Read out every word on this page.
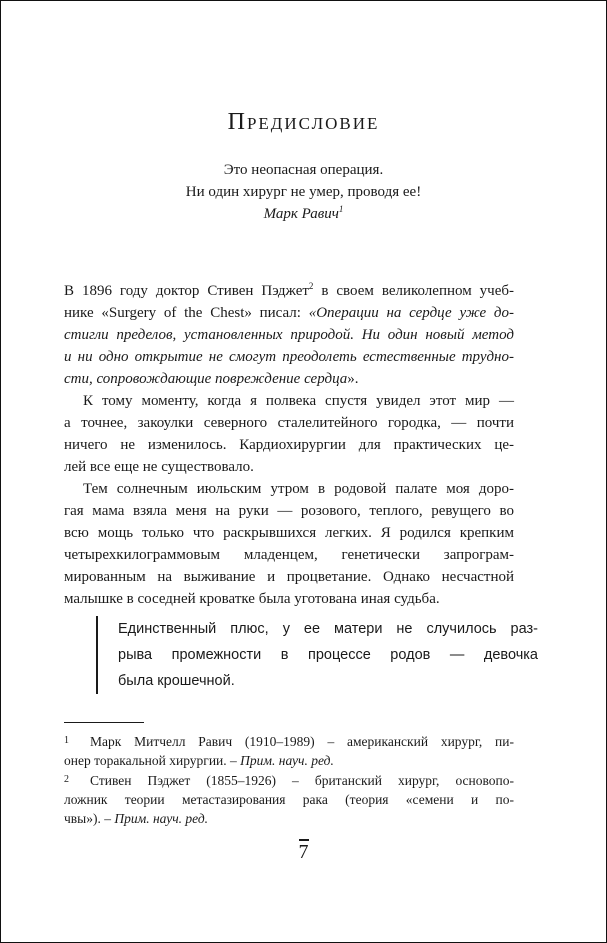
Предисловие
Это неопасная операция.
Ни один хирург не умер, проводя ее!
Марк Равич$^1$
В 1896 году доктор Стивен Пэджет$^2$ в своем великолепном учеб-
нике «Surgery of the Chest» писал: «Операции на сердце уже до-
стигли пределов, установленных природой. Ни один новый метод
и ни одно открытие не смогут преодолеть естественные трудно-
сти, сопровождающие повреждение сердца».
К тому моменту, когда я полвека спустя увидел этот мир —
а точнее, закоулки северного сталелитейного городка, — почти
ничего не изменилось. Кардиохирургии для практических це-
лей все еще не существовало.
Тем солнечным июльским утром в родовой палате моя доро-
гая мама взяла меня на руки — розового, теплого, ревущего во
всю мощь только что раскрывшихся легких. Я родился крепким
четырехкилограммовым младенцем, генетически запрограм-
мированным на выживание и процветание. Однако несчастной
малышке в соседней кроватке была уготована иная судьба.
Единственный плюс, у ее матери не случилось раз-
рыва промежности в процессе родов — девочка
была крошечной.
1 Марк Митчелл Равич (1910–1989) – американский хирург, пи-
онер торакальной хирургии. – Прим. науч. ред.
2 Стивен Пэджет (1855–1926) – британский хирург, основопо-
ложник теории метастазирования рака (теория «семени и по-
чвы»). – Прим. науч. ред.
7
